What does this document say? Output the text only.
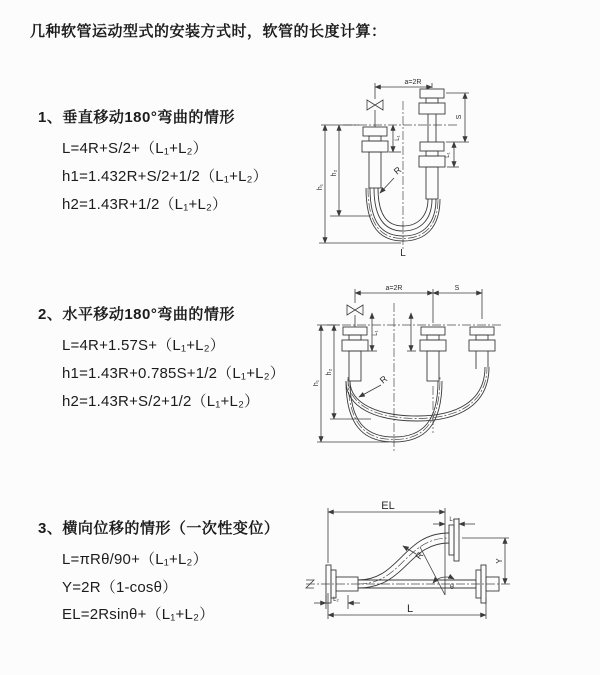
几种软管运动型式的安装方式时，软管的长度计算：
1、垂直移动180°弯曲的情形
L=4R+S/2+（L₁+L₂）
h1=1.432R+S/2+1/2（L₁+L₂）
h2=1.43R+1/2（L₁+L₂）
2、水平移动180°弯曲的情形
L=4R+1.57S+（L₁+L₂）
h1=1.43R+0.785S+1/2（L₁+L₂）
h2=1.43R+S/2+1/2（L₁+L₂）
3、横向位移的情形（一次性变位）
L=πRθ/90+（L₁+L₂）
Y=2R（1-cosθ）
EL=2Rsinθ+（L₁+L₂）
a=2R
S
L₁
L₁
h₁
h₂	R
L
a=2R	S
h₁
h₂
L₁
R
EL
L₁
Y
R
θ
L
L₂
